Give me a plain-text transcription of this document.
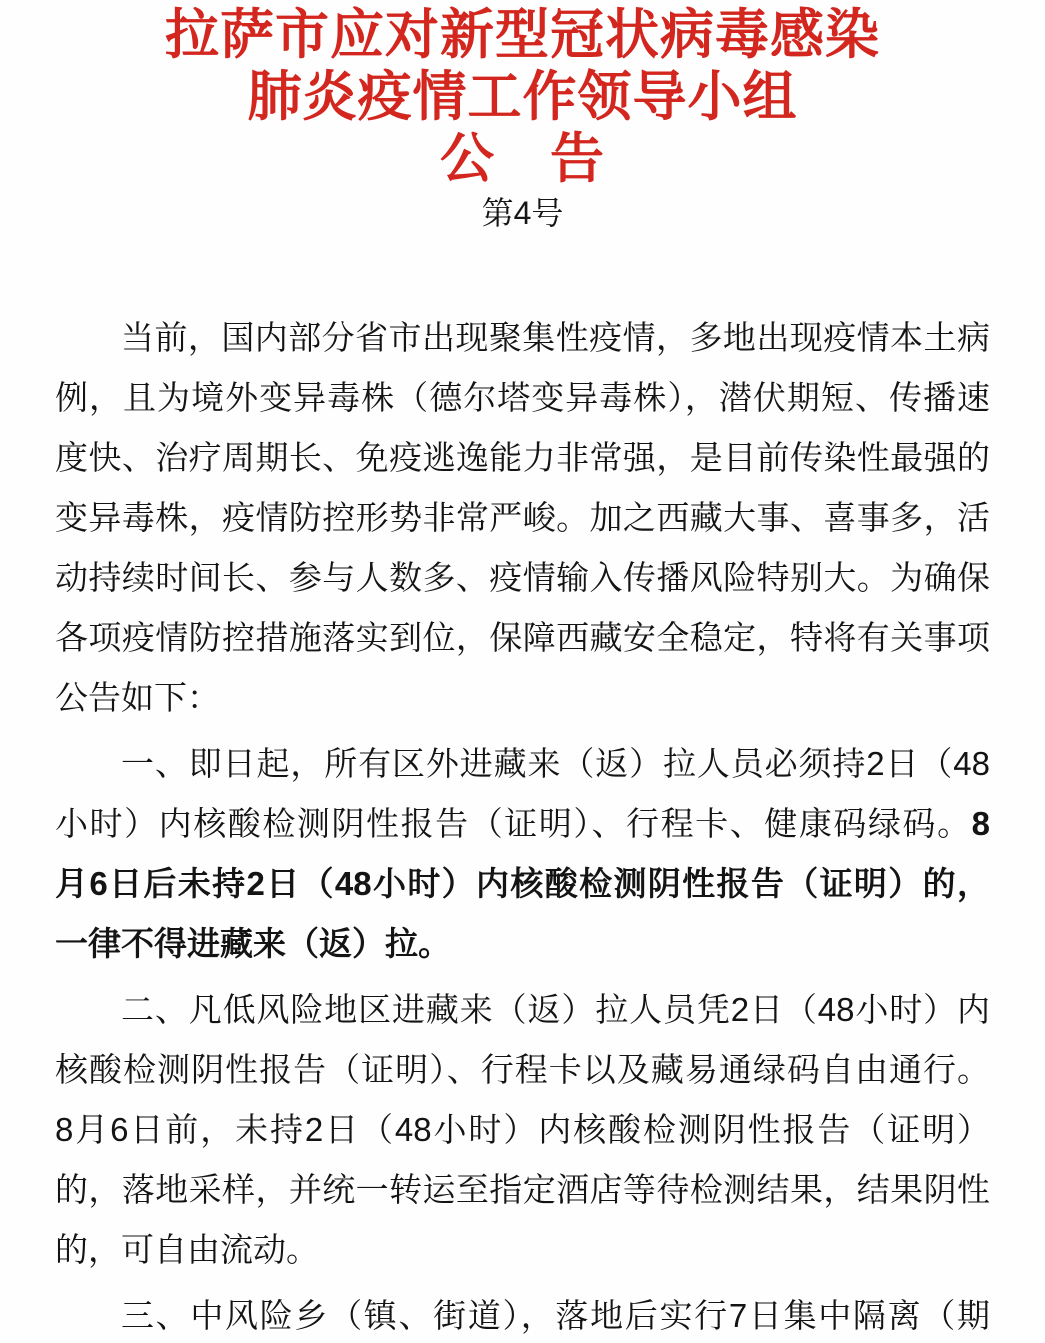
拉萨市应对新型冠状病毒感染
肺炎疫情工作领导小组
公　告
第4号
当前，国内部分省市出现聚集性疫情，多地出现疫情本土病
例，且为境外变异毒株（德尔塔变异毒株），潜伏期短、传播速
度快、治疗周期长、免疫逃逸能力非常强，是目前传染性最强的
变异毒株，疫情防控形势非常严峻。加之西藏大事、喜事多，活
动持续时间长、参与人数多、疫情输入传播风险特别大。为确保
各项疫情防控措施落实到位，保障西藏安全稳定，特将有关事项
公告如下：
一、即日起，所有区外进藏来（返）拉人员必须持2日（48
小时）内核酸检测阴性报告（证明）、行程卡、健康码绿码。8
月6日后未持2日（48小时）内核酸检测阴性报告（证明）的，
一律不得进藏来（返）拉。
二、凡低风险地区进藏来（返）拉人员凭2日（48小时）内
核酸检测阴性报告（证明）、行程卡以及藏易通绿码自由通行。
8月6日前，未持2日（48小时）内核酸检测阴性报告（证明）
的，落地采样，并统一转运至指定酒店等待检测结果，结果阴性
的，可自由流动。
三、中风险乡（镇、街道），落地后实行7日集中隔离（期
